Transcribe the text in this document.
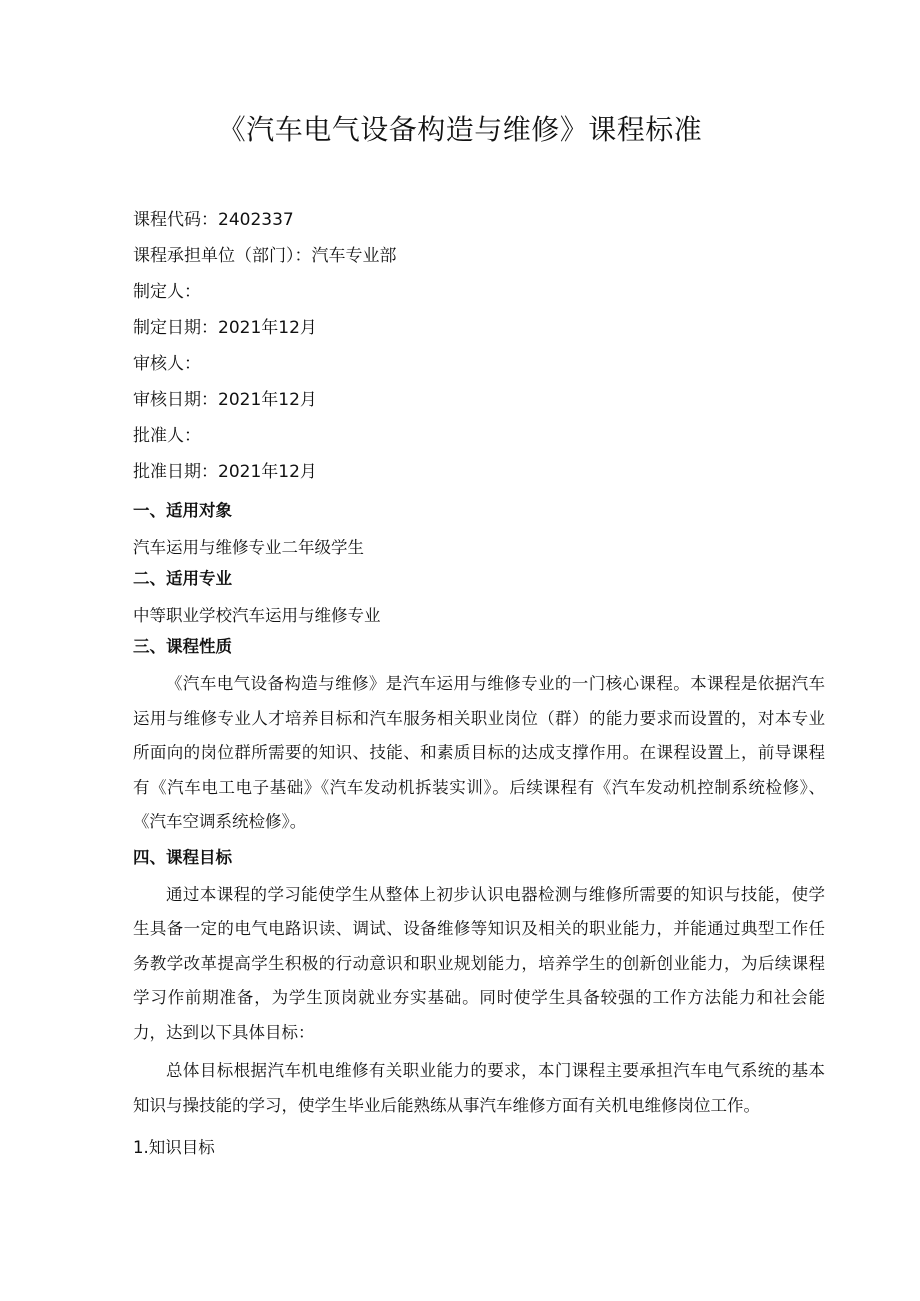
《汽车电气设备构造与维修》课程标准
课程代码：2402337
课程承担单位（部门）：汽车专业部
制定人：
制定日期：2021年12月
审核人：
审核日期：2021年12月
批准人：
批准日期：2021年12月
一、适用对象
汽车运用与维修专业二年级学生
二、适用专业
中等职业学校汽车运用与维修专业
三、课程性质

《汽车电气设备构造与维修》是汽车运用与维修专业的一门核心课程。本课程是依据汽车运用与维修专业人才培养目标和汽车服务相关职业岗位（群）的能力要求而设置的，对本专业所面向的岗位群所需要的知识、技能、和素质目标的达成支撑作用。在课程设置上，前导课程有《汽车电工电子基础》《汽车发动机拆装实训》。后续课程有《汽车发动机控制系统检修》、《汽车空调系统检修》。

四、课程目标

通过本课程的学习能使学生从整体上初步认识电器检测与维修所需要的知识与技能，使学生具备一定的电气电路识读、调试、设备维修等知识及相关的职业能力，并能通过典型工作任务教学改革提高学生积极的行动意识和职业规划能力，培养学生的创新创业能力，为后续课程学习作前期准备，为学生顶岗就业夯实基础。同时使学生具备较强的工作方法能力和社会能力，达到以下具体目标：

总体目标根据汽车机电维修有关职业能力的要求，本门课程主要承担汽车电气系统的基本知识与操技能的学习，使学生毕业后能熟练从事汽车维修方面有关机电维修岗位工作。

1.知识目标
